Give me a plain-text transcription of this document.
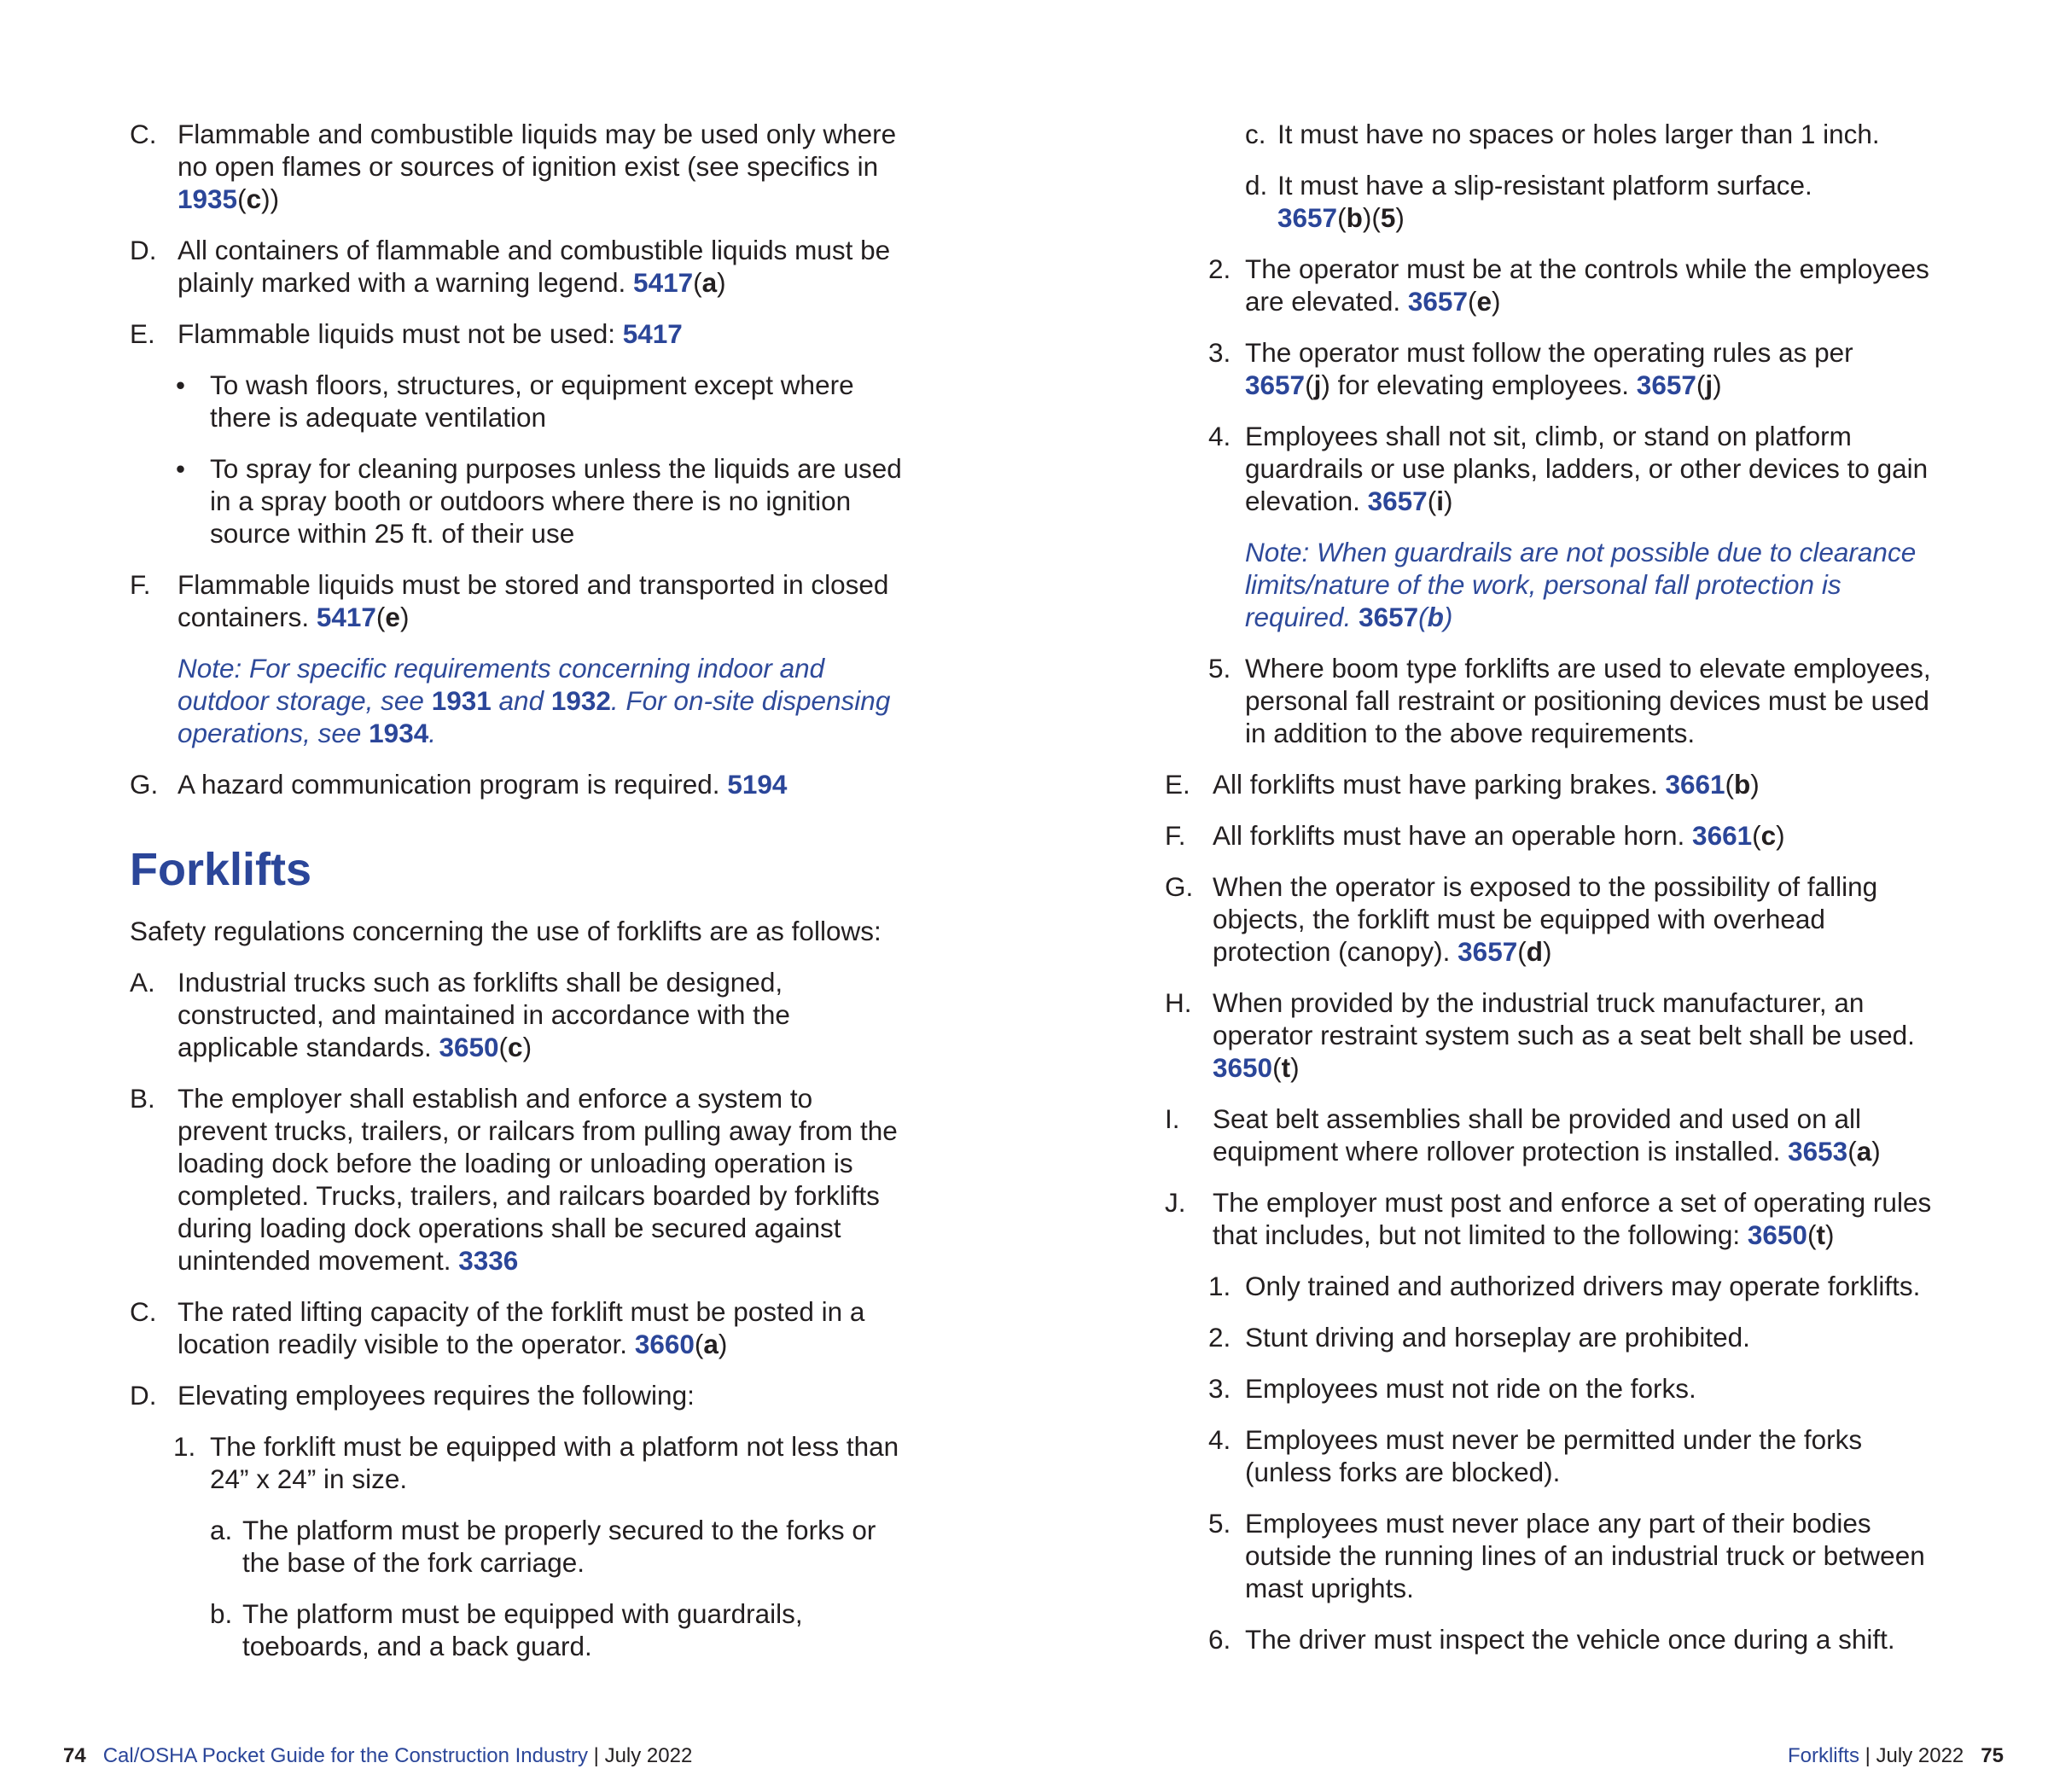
C. Flammable and combustible liquids may be used only where no open flames or sources of ignition exist (see specifics in 1935(c))
D. All containers of flammable and combustible liquids must be plainly marked with a warning legend. 5417(a)
E. Flammable liquids must not be used: 5417
• To wash floors, structures, or equipment except where there is adequate ventilation
• To spray for cleaning purposes unless the liquids are used in a spray booth or outdoors where there is no ignition source within 25 ft. of their use
F. Flammable liquids must be stored and transported in closed containers. 5417(e)
Note: For specific requirements concerning indoor and outdoor storage, see 1931 and 1932. For on-site dispensing operations, see 1934.
G. A hazard communication program is required. 5194
Forklifts
Safety regulations concerning the use of forklifts are as follows:
A. Industrial trucks such as forklifts shall be designed, constructed, and maintained in accordance with the applicable standards. 3650(c)
B. The employer shall establish and enforce a system to prevent trucks, trailers, or railcars from pulling away from the loading dock before the loading or unloading operation is completed. Trucks, trailers, and railcars boarded by forklifts during loading dock operations shall be secured against unintended movement. 3336
C. The rated lifting capacity of the forklift must be posted in a location readily visible to the operator. 3660(a)
D. Elevating employees requires the following:
1. The forklift must be equipped with a platform not less than 24” x 24” in size.
a. The platform must be properly secured to the forks or the base of the fork carriage.
b. The platform must be equipped with guardrails, toeboards, and a back guard.
c. It must have no spaces or holes larger than 1 inch.
d. It must have a slip-resistant platform surface.
3657(b)(5)
2. The operator must be at the controls while the employees are elevated. 3657(e)
3. The operator must follow the operating rules as per
3657(j) for elevating employees. 3657(j)
4. Employees shall not sit, climb, or stand on platform guardrails or use planks, ladders, or other devices to gain elevation. 3657(i)
Note: When guardrails are not possible due to clearance limits/nature of the work, personal fall protection is required. 3657(b)
5. Where boom type forklifts are used to elevate employees, personal fall restraint or positioning devices must be used in addition to the above requirements.
E. All forklifts must have parking brakes. 3661(b)
F. All forklifts must have an operable horn. 3661(c)
G. When the operator is exposed to the possibility of falling objects, the forklift must be equipped with overhead protection (canopy). 3657(d)
H. When provided by the industrial truck manufacturer, an operator restraint system such as a seat belt shall be used.
3650(t)
I. Seat belt assemblies shall be provided and used on all equipment where rollover protection is installed. 3653(a)
J. The employer must post and enforce a set of operating rules that includes, but not limited to the following: 3650(t)
1. Only trained and authorized drivers may operate forklifts.
2. Stunt driving and horseplay are prohibited.
3. Employees must not ride on the forks.
4. Employees must never be permitted under the forks (unless forks are blocked).
5. Employees must never place any part of their bodies outside the running lines of an industrial truck or between mast uprights.
6. The driver must inspect the vehicle once during a shift.
74 Cal/OSHA Pocket Guide for the Construction Industry | July 2022	Forklifts | July 2022 75
